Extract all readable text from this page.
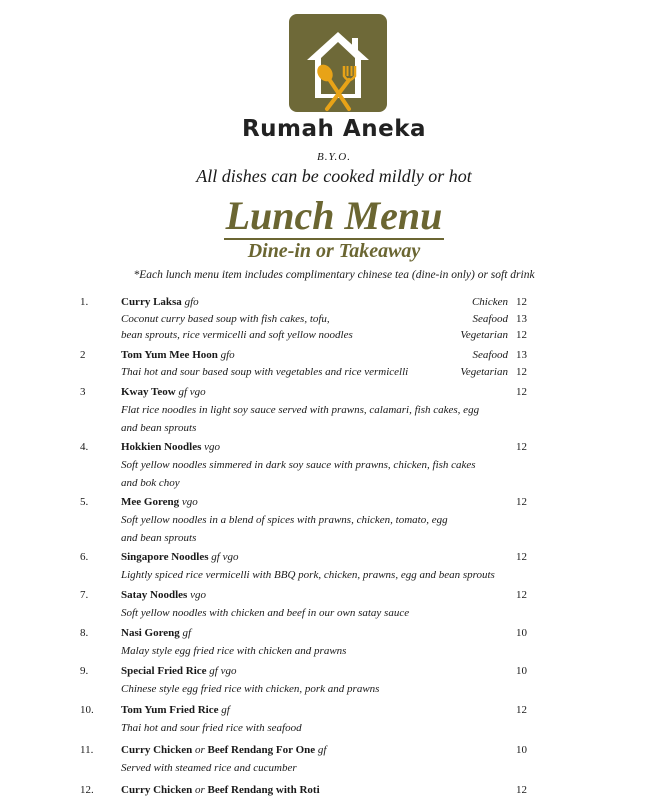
Rumah Aneka
B.Y.O.
All dishes can be cooked mildly or hot
Lunch Menu
Dine-in or Takeaway
*Each lunch menu item includes complimentary chinese tea (dine-in only) or soft drink
1.	Curry Laksa gfo
Coconut curry based soup with fish cakes, tofu,
bean sprouts, rice vermicelli and soft yellow noodles
Chicken 12
Seafood 13
Vegetarian 12
2	Tom Yum Mee Hoon gfo
Thai hot and sour based soup with vegetables and rice vermicelli
Seafood 13
Vegetarian 12
3	Kway Teow gf vgo
Flat rice noodles in light soy sauce served with prawns, calamari, fish cakes, egg
and bean sprouts
12
4.	Hokkien Noodles vgo
Soft yellow noodles simmered in dark soy sauce with prawns, chicken, fish cakes
and bok choy
12
5.	Mee Goreng vgo
Soft yellow noodles in a blend of spices with prawns, chicken, tomato, egg
and bean sprouts
12
6.	Singapore Noodles gf vgo
Lightly spiced rice vermicelli with BBQ pork, chicken, prawns, egg and bean sprouts
12
7.	Satay Noodles vgo
Soft yellow noodles with chicken and beef in our own satay sauce
12
8.	Nasi Goreng gf
Malay style egg fried rice with chicken and prawns
10
9.	Special Fried Rice gf vgo
Chinese style egg fried rice with chicken, pork and prawns
10
10. Tom Yum Fried Rice gf
Thai hot and sour fried rice with seafood
12
11.	Curry Chicken or Beef Rendang For One gf
Served with steamed rice and cucumber
10
12. Curry Chicken or Beef Rendang with Roti	12
